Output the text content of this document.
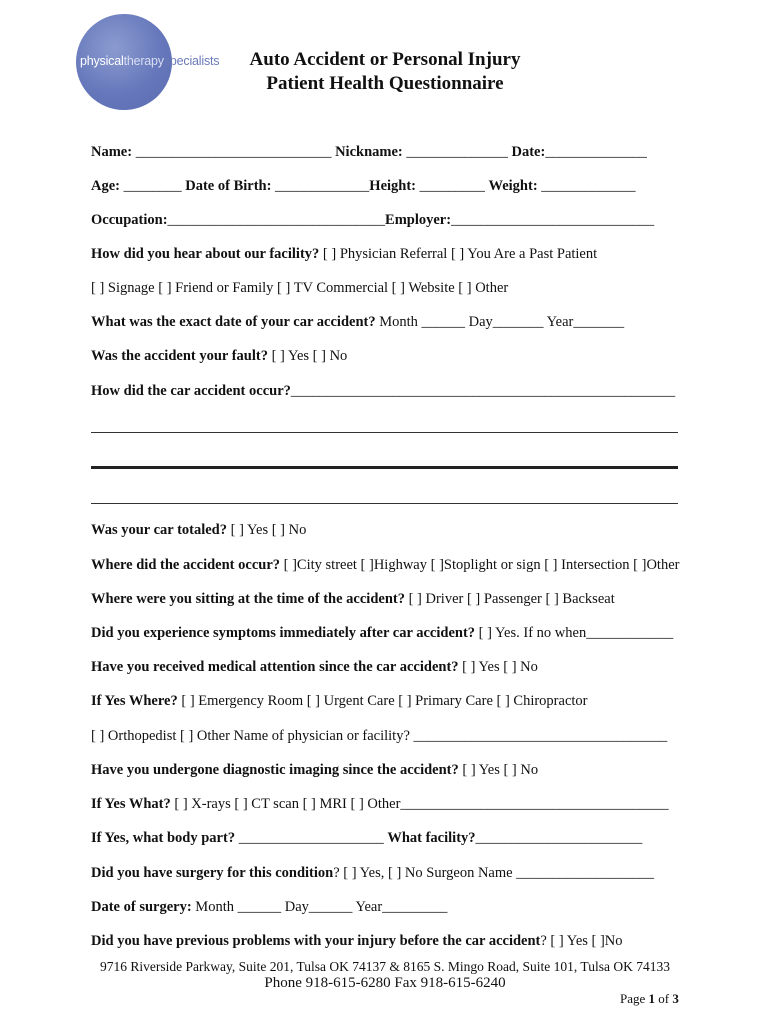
physicaltherapyspecialists	Auto Accident or Personal Injury
Patient Health Questionnaire
Name: ___________________________ Nickname: ______________ Date:______________
Age: ________ Date of Birth: _____________Height: _________ Weight: _____________
Occupation:______________________________Employer:____________________________
How did you hear about our facility? [ ] Physician Referral [ ] You Are a Past Patient
[ ] Signage [ ] Friend or Family [ ] TV Commercial [ ] Website [ ] Other
What was the exact date of your car accident? Month ______ Day_______ Year_______
Was the accident your fault? [ ] Yes [ ] No
How did the car accident occur?_____________________________________________________
Was your car totaled? [ ] Yes [ ] No
Where did the accident occur? [ ]City street [ ]Highway [ ]Stoplight or sign [ ] Intersection [ ]Other
Where were you sitting at the time of the accident? [ ] Driver [ ] Passenger [ ] Backseat
Did you experience symptoms immediately after car accident? [ ] Yes. If no when____________
Have you received medical attention since the car accident? [ ] Yes [ ] No
If Yes Where? [ ] Emergency Room [ ] Urgent Care [ ] Primary Care [ ] Chiropractor
[ ] Orthopedist [ ] Other Name of physician or facility? ___________________________________
Have you undergone diagnostic imaging since the accident? [ ] Yes [ ] No
If Yes What? [ ] X-rays [ ] CT scan [ ] MRI [ ] Other_____________________________________
If Yes, what body part? ____________________ What facility?_______________________
Did you have surgery for this condition? [ ] Yes, [ ] No Surgeon Name ___________________
Date of surgery: Month ______ Day______ Year_________
Did you have previous problems with your injury before the car accident? [ ] Yes [ ]No
9716 Riverside Parkway, Suite 201, Tulsa OK 74137 & 8165 S. Mingo Road, Suite 101, Tulsa OK 74133
Phone 918-615-6280 Fax 918-615-6240
Page 1 of 3
